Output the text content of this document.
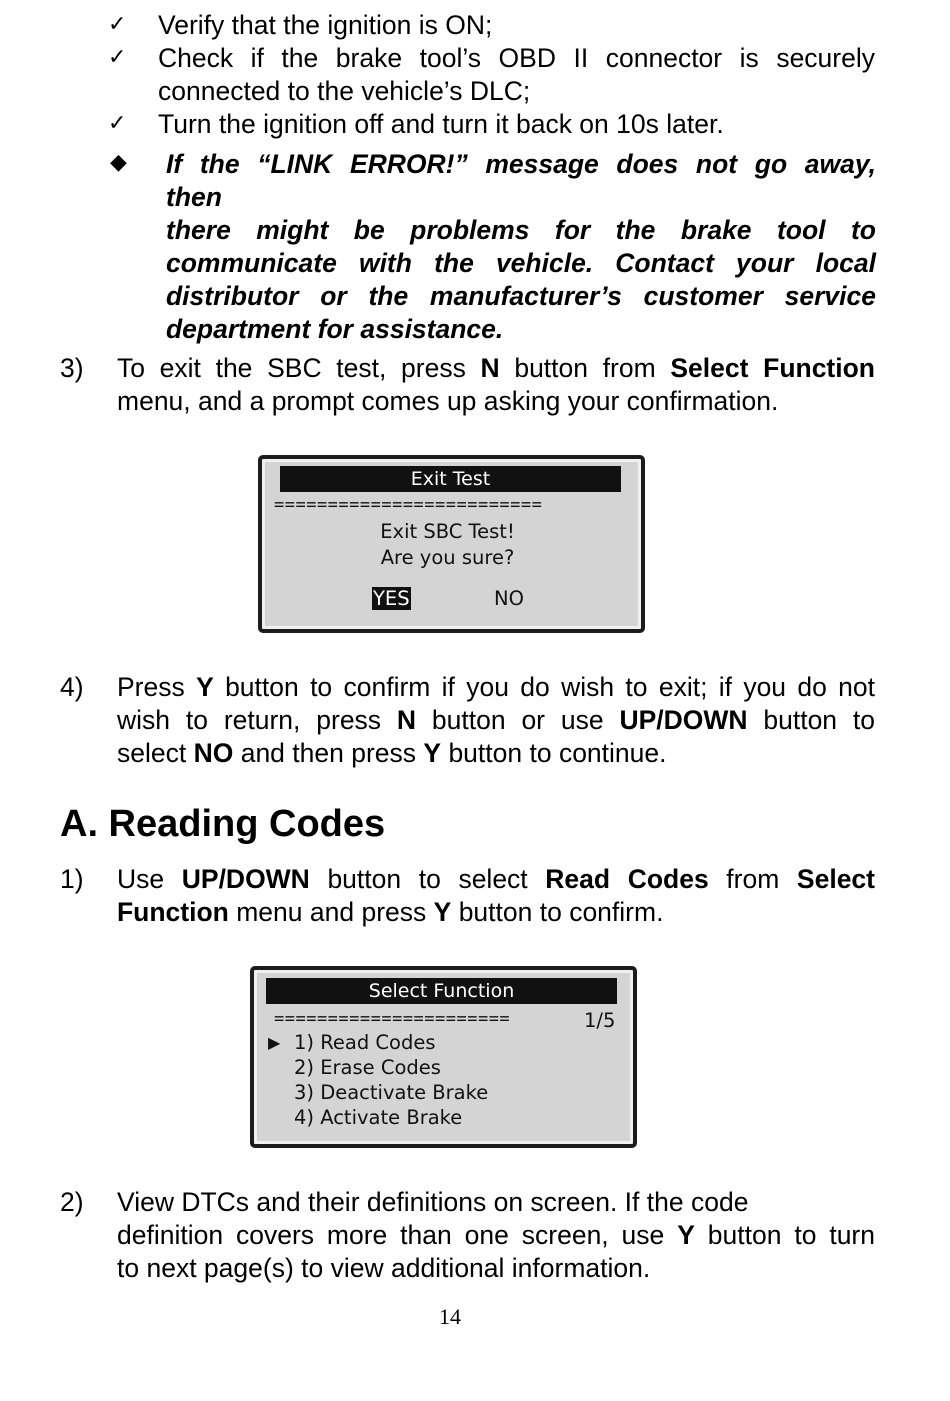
✓ Verify that the ignition is ON;
✓ Check if the brake tool’s OBD II connector is securely
connected to the vehicle’s DLC;
✓ Turn the ignition off and turn it back on 10s later.
◆ If the “LINK ERROR!” message does not go away,
then
there might be problems for the brake tool to
communicate with the vehicle. Contact your local
distributor or the manufacturer’s customer service
department for assistance.
3) To exit the SBC test, press N button from Select Function
menu, and a prompt comes up asking your confirmation.
Exit Test
=========================
Exit SBC Test!
Are you sure?
YES	NO
4) Press Y button to confirm if you do wish to exit; if you do not
wish to return, press N button or use UP/DOWN button to
select NO and then press Y button to continue.
A. Reading Codes
1) Use UP/DOWN button to select Read Codes from Select
Function menu and press Y button to confirm.
Select Function
======================	1/5
▶ 1) Read Codes
2) Erase Codes
3) Deactivate Brake
4) Activate Brake
2) View DTCs and their definitions on screen. If the code
definition covers more than one screen, use Y button to turn
to next page(s) to view additional information.
14
